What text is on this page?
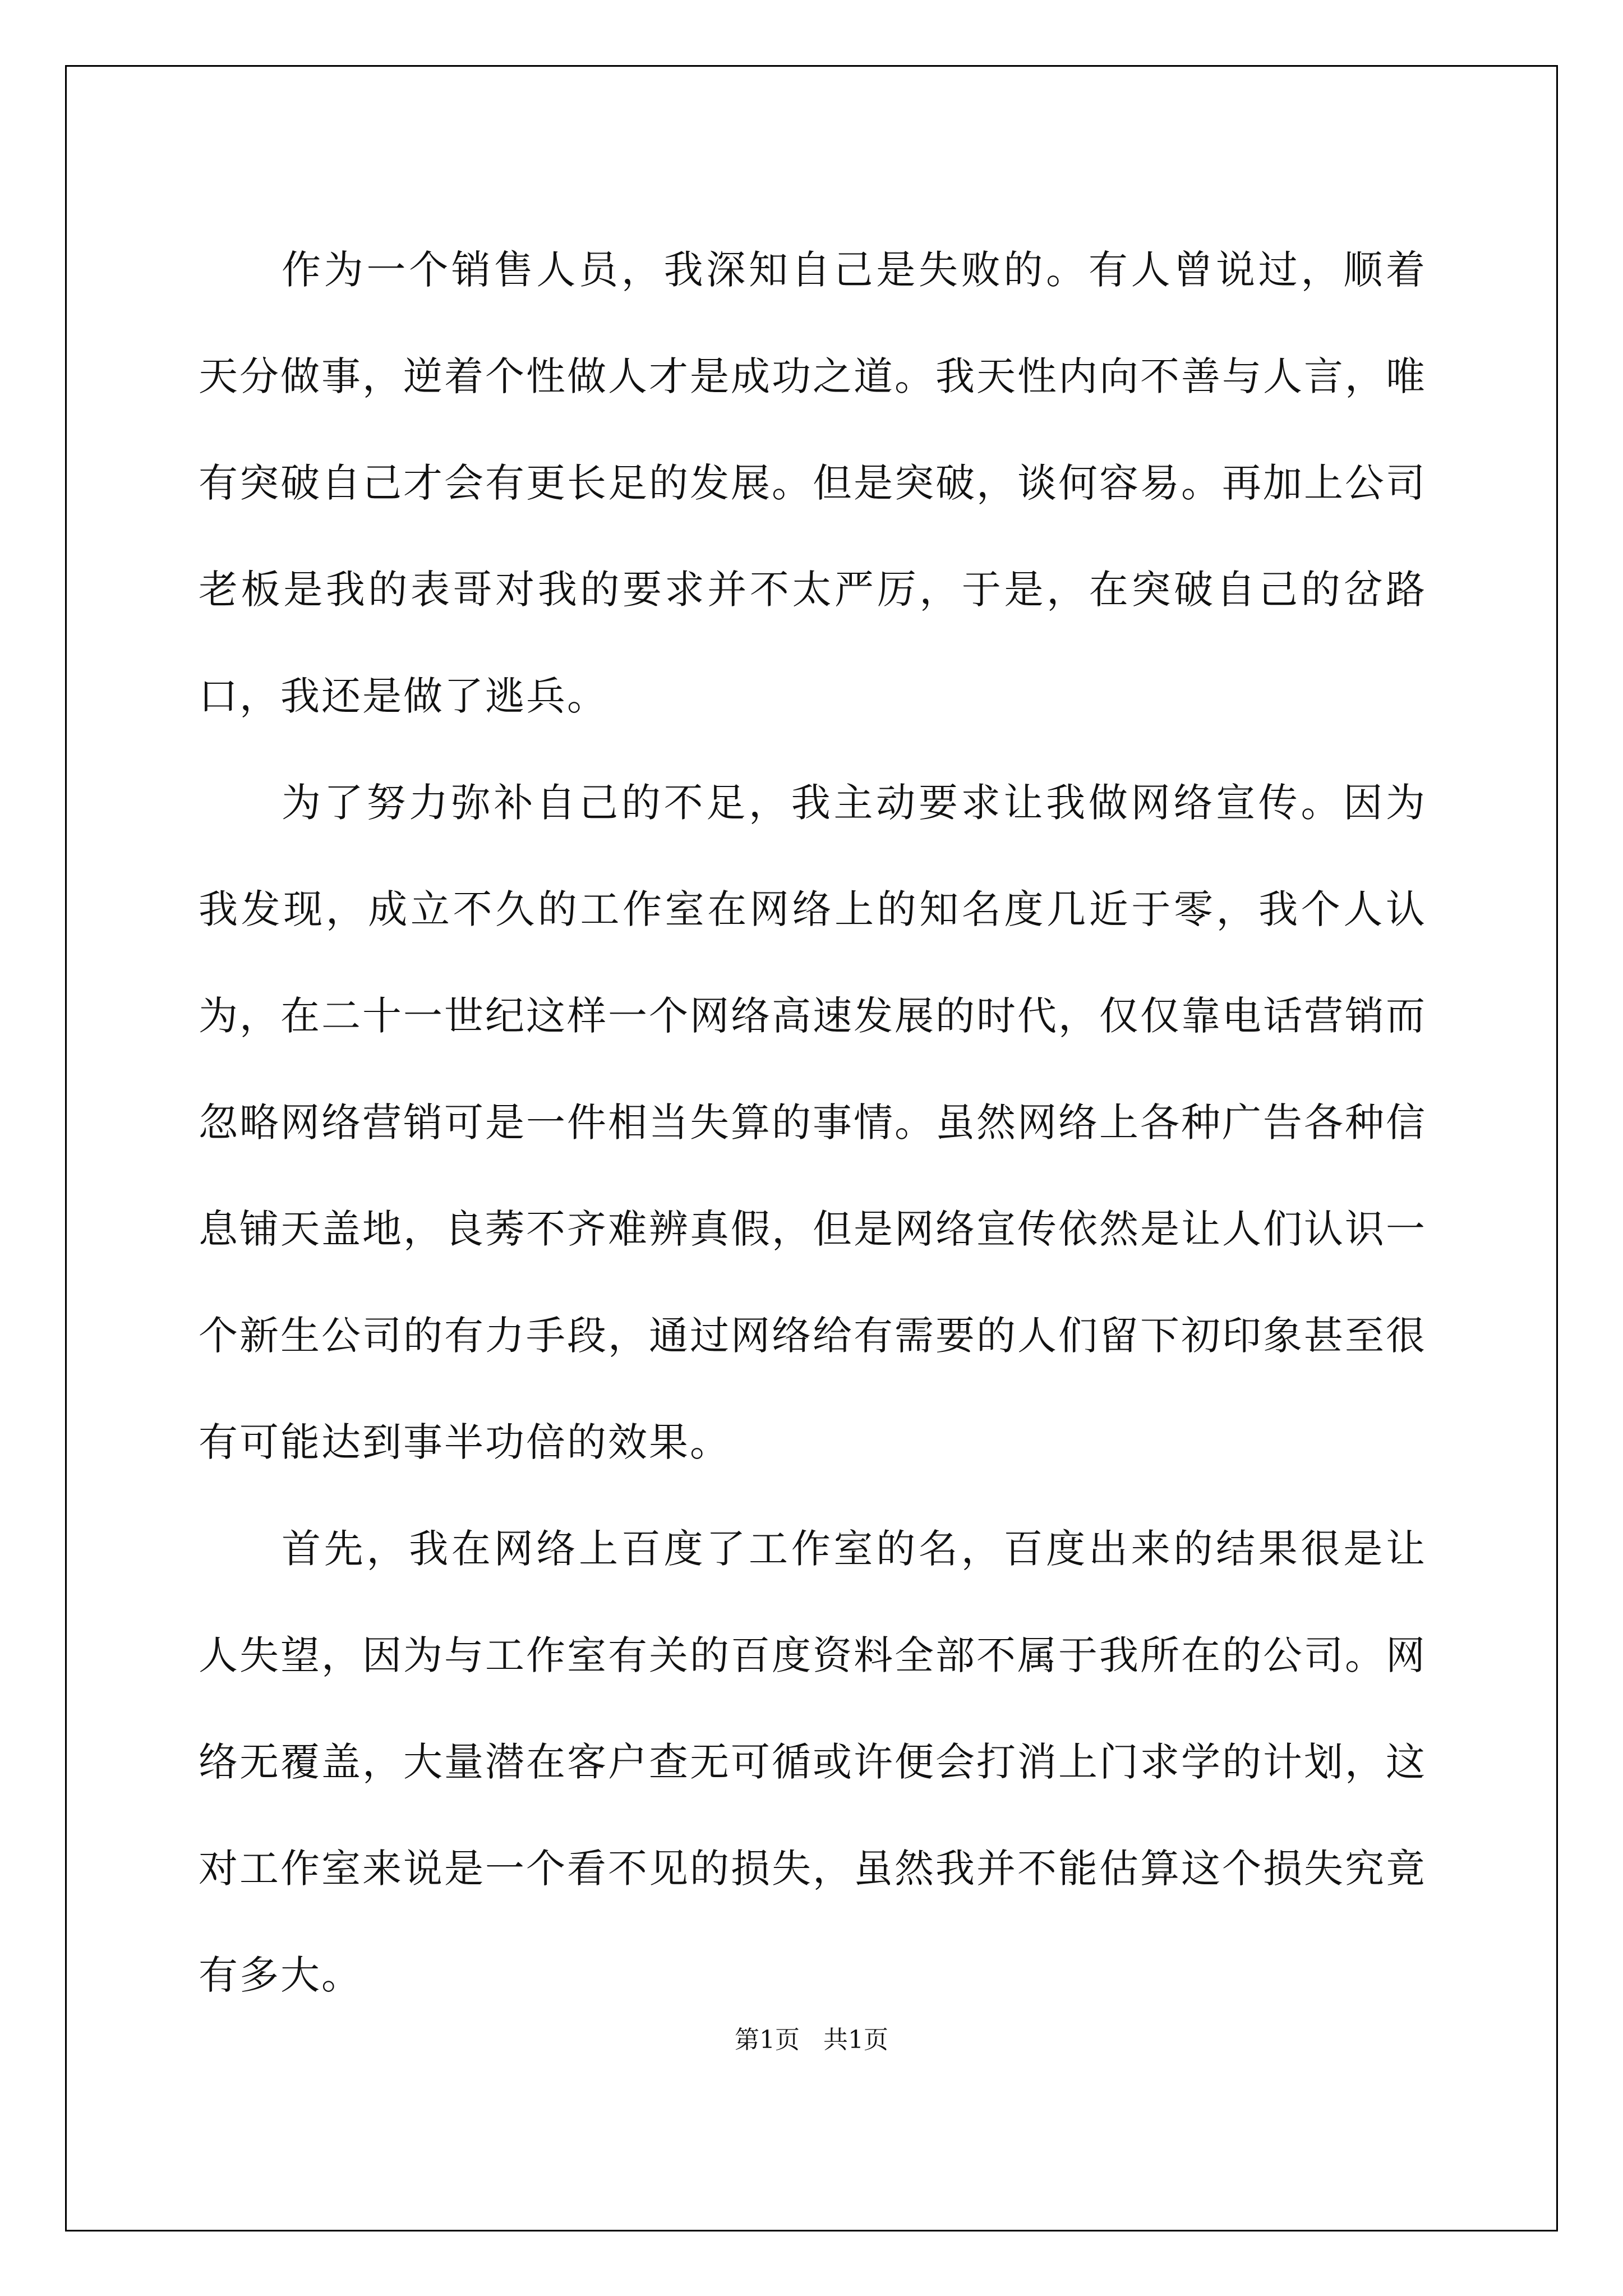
作为一个销售人员，我深知自己是失败的。有人曾说过，顺着天分做事，逆着个性做人才是成功之道。我天性内向不善与人言，唯有突破自己才会有更长足的发展。但是突破，谈何容易。再加上公司老板是我的表哥对我的要求并不太严厉，于是，在突破自己的岔路口，我还是做了逃兵。

为了努力弥补自己的不足，我主动要求让我做网络宣传。因为我发现，成立不久的工作室在网络上的知名度几近于零，我个人认为，在二十一世纪这样一个网络高速发展的时代，仅仅靠电话营销而忽略网络营销可是一件相当失算的事情。虽然网络上各种广告各种信息铺天盖地，良莠不齐难辨真假，但是网络宣传依然是让人们认识一个新生公司的有力手段，通过网络给有需要的人们留下初印象甚至很有可能达到事半功倍的效果。

首先，我在网络上百度了工作室的名，百度出来的结果很是让人失望，因为与工作室有关的百度资料全部不属于我所在的公司。网络无覆盖，大量潜在客户查无可循或许便会打消上门求学的计划，这对工作室来说是一个看不见的损失，虽然我并不能估算这个损失究竟有多大。

第1页   共1页
